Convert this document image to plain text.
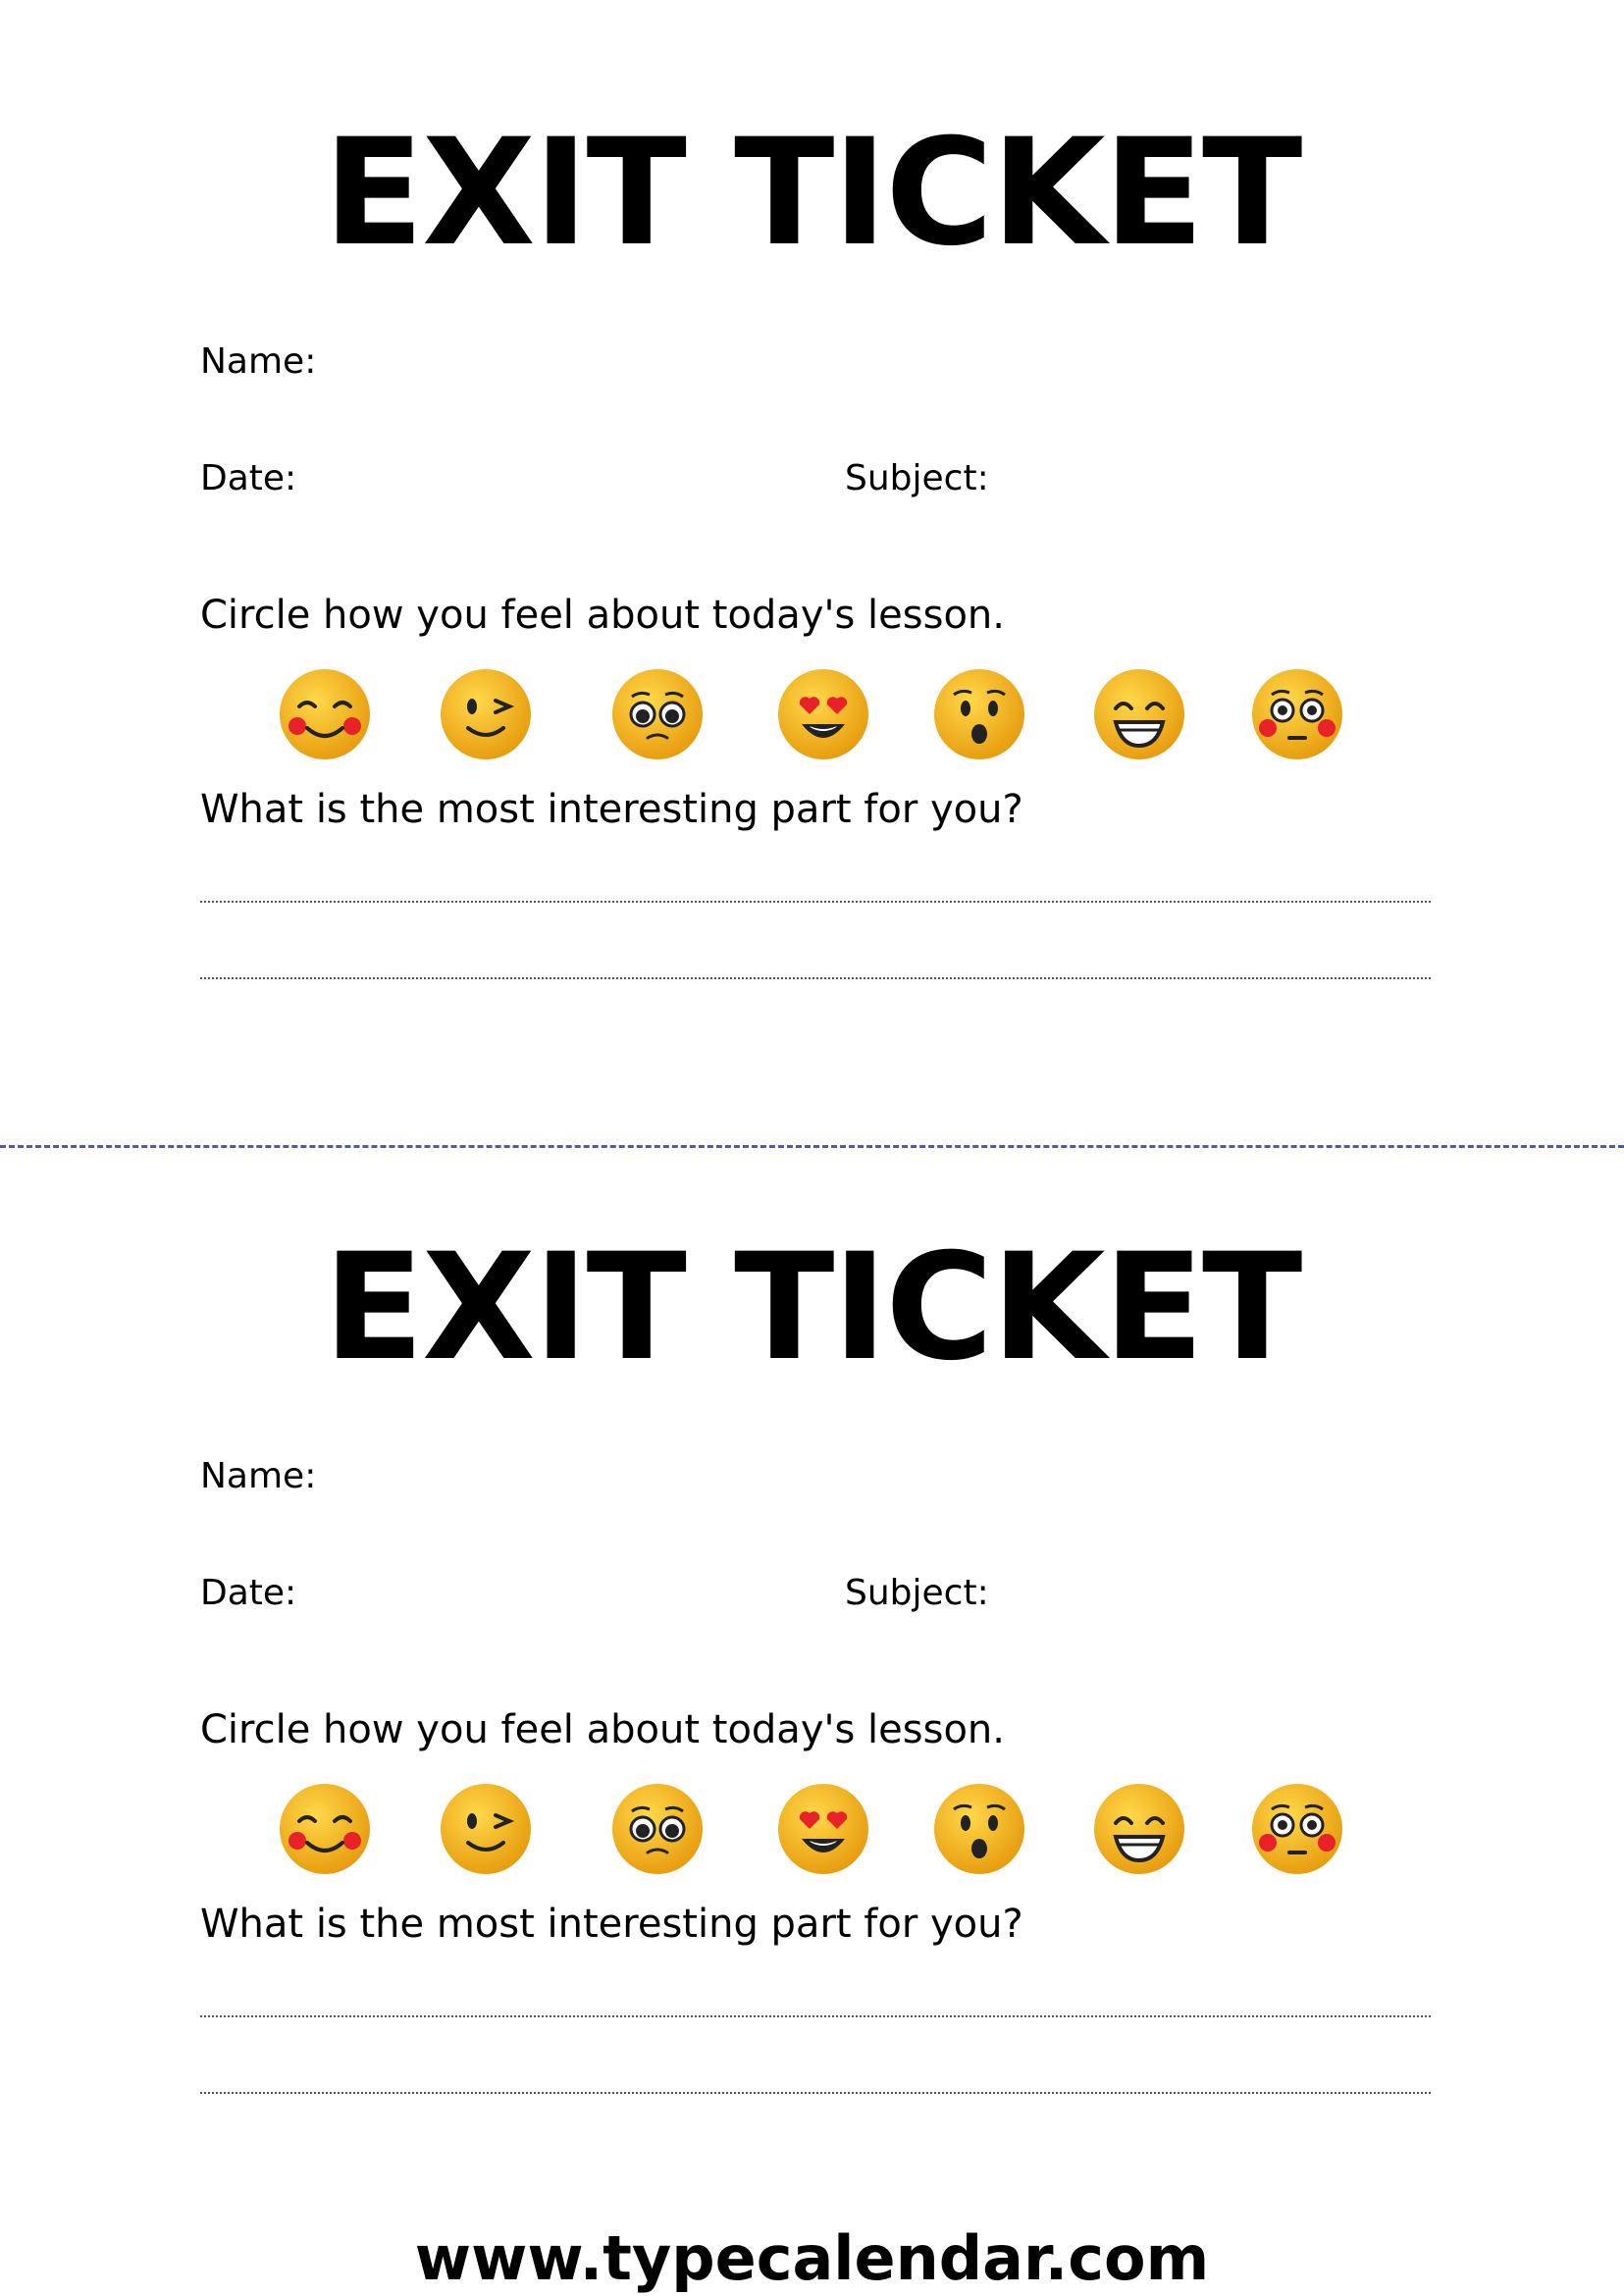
EXIT TICKET
Name:
Date:	Subject:
Circle how you feel about today's lesson.
What is the most interesting part for you?
EXIT TICKET
Name:
Date:	Subject:
Circle how you feel about today's lesson.
What is the most interesting part for you?
www.typecalendar.com
